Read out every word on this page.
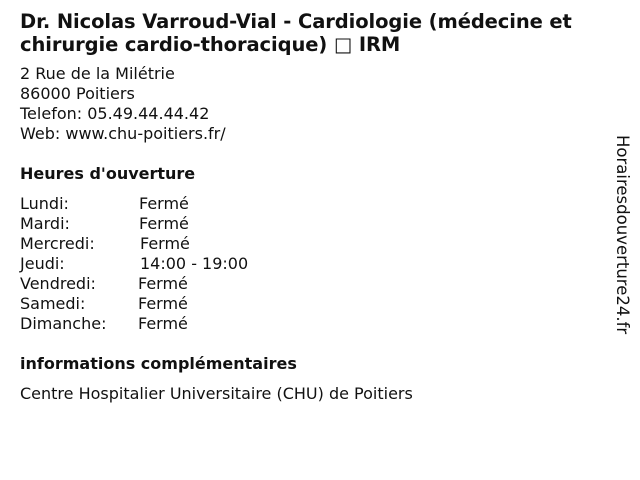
Dr. Nicolas Varroud-Vial - Cardiologie (médecine et chirurgie cardio-thoracique) □ IRM
2 Rue de la Milétrie
86000 Poitiers
Telefon: 05.49.44.44.42
Web: www.chu-poitiers.fr/
Heures d'ouverture
Lundi:	Fermé
Mardi:	Fermé
Mercredi:	Fermé
Jeudi:	14:00 - 19:00
Vendredi:	Fermé
Samedi:	Fermé
Dimanche: Fermé
informations complémentaires
Centre Hospitalier Universitaire (CHU) de Poitiers
Horairesdouverture24.fr
